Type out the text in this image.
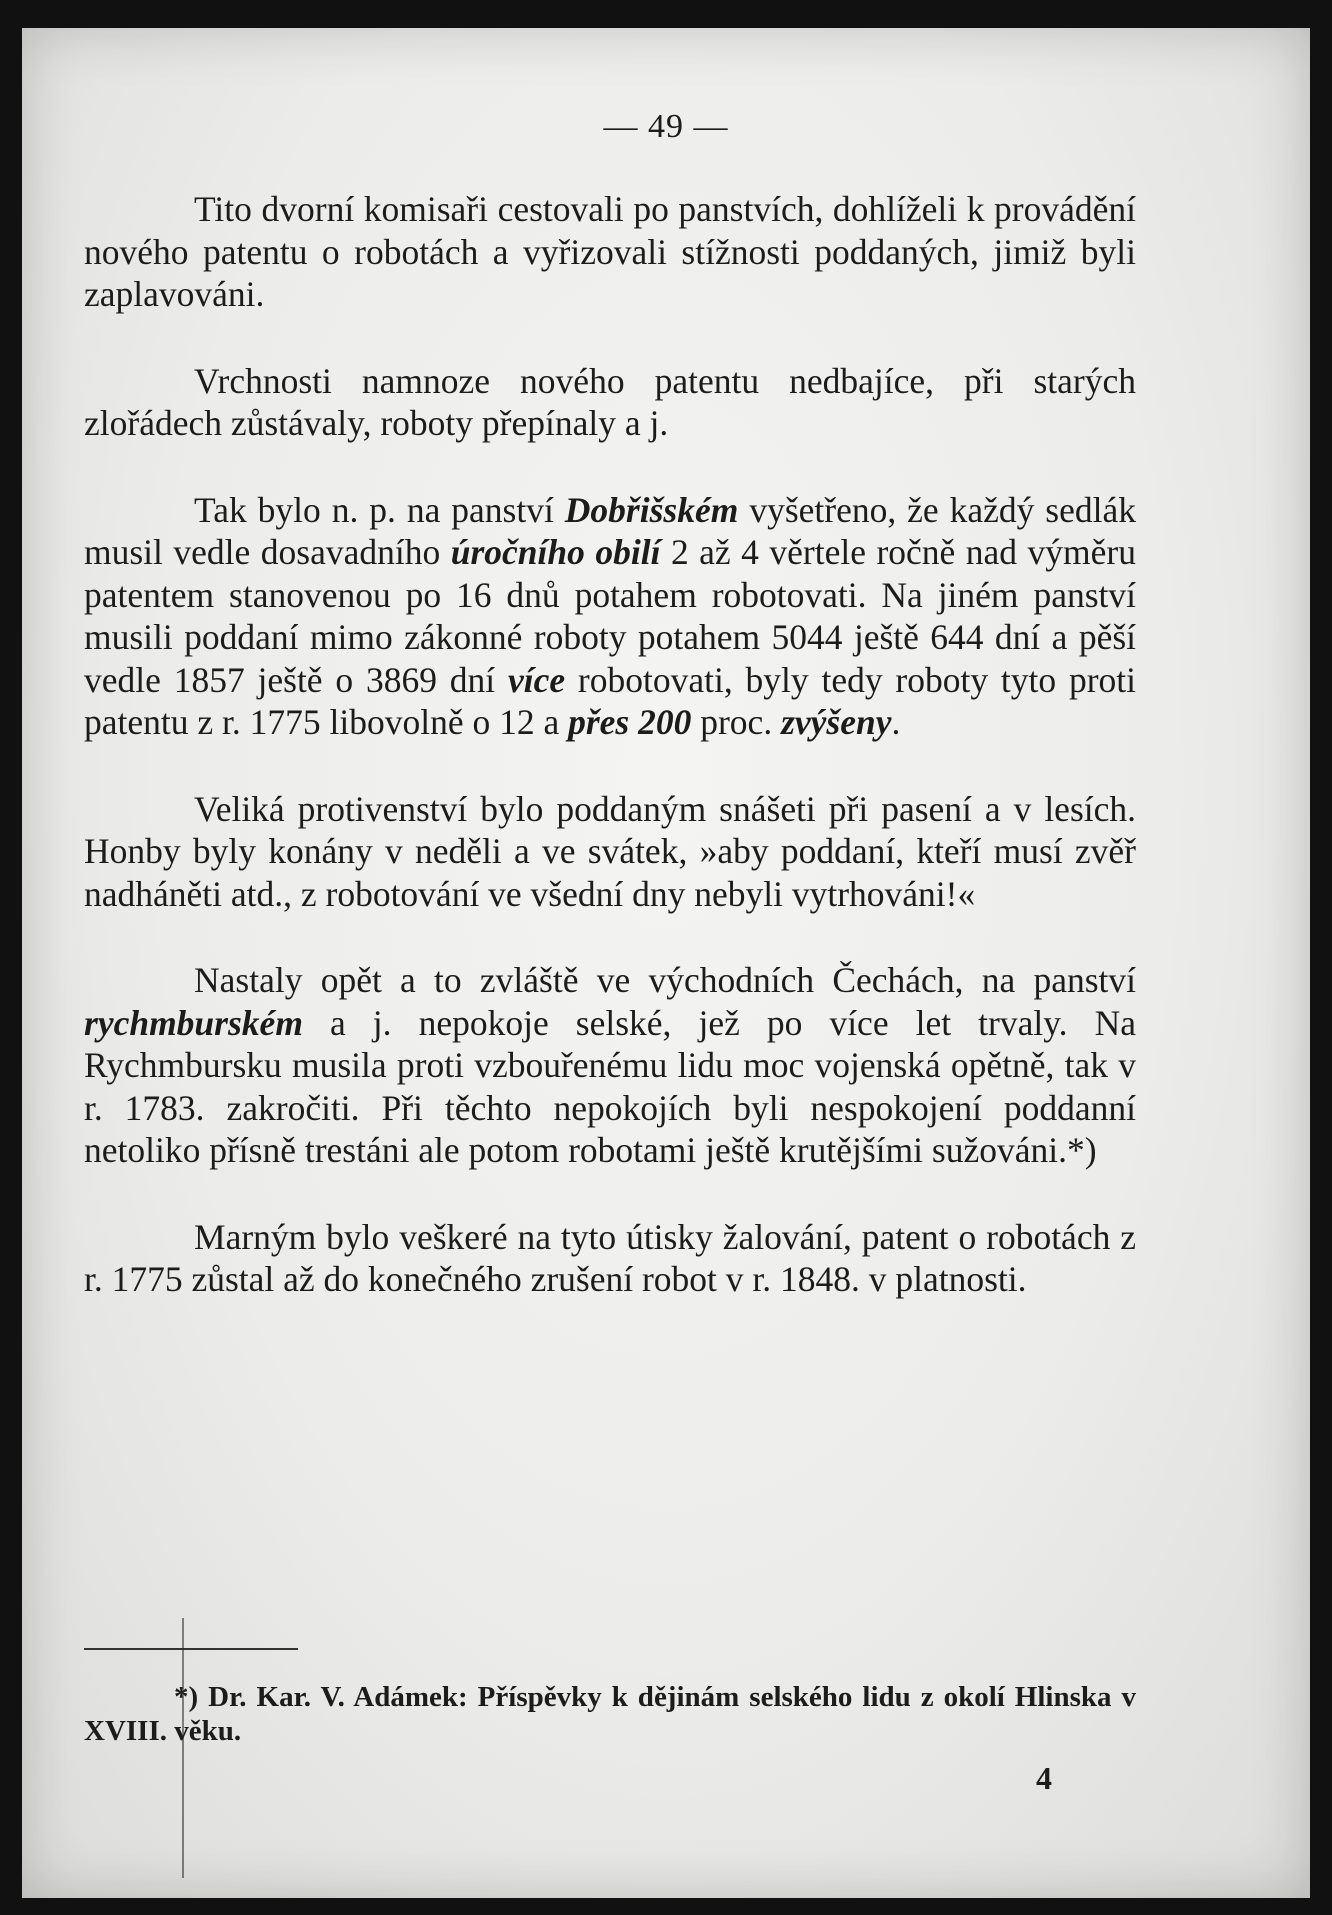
— 49 —

Tito dvorní komisaři cestovali po panstvích, dohlíželi k provádění nového patentu o robotách a vyřizovali stížnosti poddaných, jimiž byli zaplavováni.

Vrchnosti namnoze nového patentu nedbajíce, při starých zlořádech zůstávaly, roboty přepínaly a j.

Tak bylo n. p. na panství Dobřišském vyšetřeno, že každý sedlák musil vedle dosavadního úročního obilí 2 až 4 věrtele ročně nad výměru patentem stanovenou po 16 dnů potahem robotovati. Na jiném panství musili poddaní mimo zákonné roboty potahem 5044 ještě 644 dní a pěší vedle 1857 ještě o 3869 dní více robotovati, byly tedy roboty tyto proti patentu z r. 1775 libovolně o 12 a přes 200 proc. zvýšeny.

Veliká protivenství bylo poddaným snášeti při pasení a v lesích. Honby byly konány v neděli a ve svátek, »aby poddaní, kteří musí zvěř nadháněti atd., z robotování ve všední dny nebyli vytrhováni!«

Nastaly opět a to zvláště ve východních Čechách, na panství rychmburském a j. nepokoje selské, jež po více let trvaly. Na Rychmbursku musila proti vzbouřenému lidu moc vojenská opětně, tak v r. 1783. zakročiti. Při těchto nepokojích byli nespokojení poddanní netoliko přísně trestáni ale potom robotami ještě krutějšími sužováni.*)

Marným bylo veškeré na tyto útisky žalování, patent o robotách z r. 1775 zůstal až do konečného zrušení robot v r. 1848. v platnosti.

*) Dr. Kar. V. Adámek: Příspěvky k dějinám selského lidu z okolí Hlinska v XVIII. věku.
4
